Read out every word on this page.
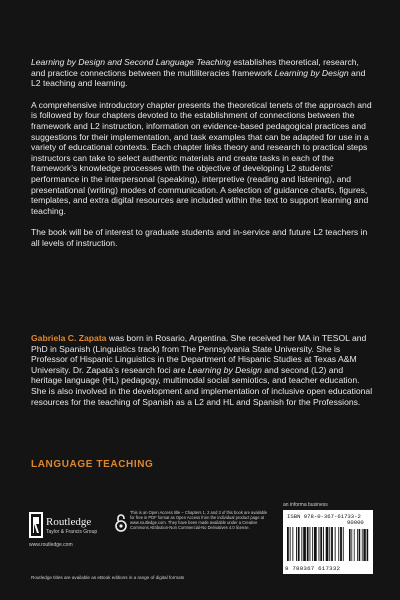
Learning by Design and Second Language Teaching establishes theoretical, research, and practice connections between the multiliteracies framework Learning by Design and L2 teaching and learning.

A comprehensive introductory chapter presents the theoretical tenets of the approach and is followed by four chapters devoted to the establishment of connections between the framework and L2 instruction, information on evidence-based pedagogical practices and suggestions for their implementation, and task examples that can be adapted for use in a variety of educational contexts. Each chapter links theory and research to practical steps instructors can take to select authentic materials and create tasks in each of the framework’s knowledge processes with the objective of developing L2 students’ performance in the interpersonal (speaking), interpretive (reading and listening), and presentational (writing) modes of communication. A selection of guidance charts, figures, templates, and extra digital resources are included within the text to support learning and teaching.

The book will be of interest to graduate students and in-service and future L2 teachers in all levels of instruction.

Gabriela C. Zapata was born in Rosario, Argentina. She received her MA in TESOL and PhD in Spanish (Linguistics track) from The Pennsylvania State University. She is Professor of Hispanic Linguistics in the Department of Hispanic Studies at Texas A&M University. Dr. Zapata’s research foci are Learning by Design and second (L2) and heritage language (HL) pedagogy, multimodal social semiotics, and teacher education. She is also involved in the development and implementation of inclusive open educational resources for the teaching of Spanish as a L2 and HL and Spanish for the Professions.

LANGUAGE TEACHING
Routledge
Taylor & Francis Group
www.routledge.com
This is an Open Access title – Chapters 1, 2 and 3 of this book are available for free in PDF format as Open Access from the individual product page at www.routledge.com. They have been made available under a Creative Commons Attribution-Non Commercial-No Derivatives 4.0 license.
an informa business
ISBN 978-0-367-61733-2
90000
9 780367 617332
Routledge titles are available as eBook editions in a range of digital formats
